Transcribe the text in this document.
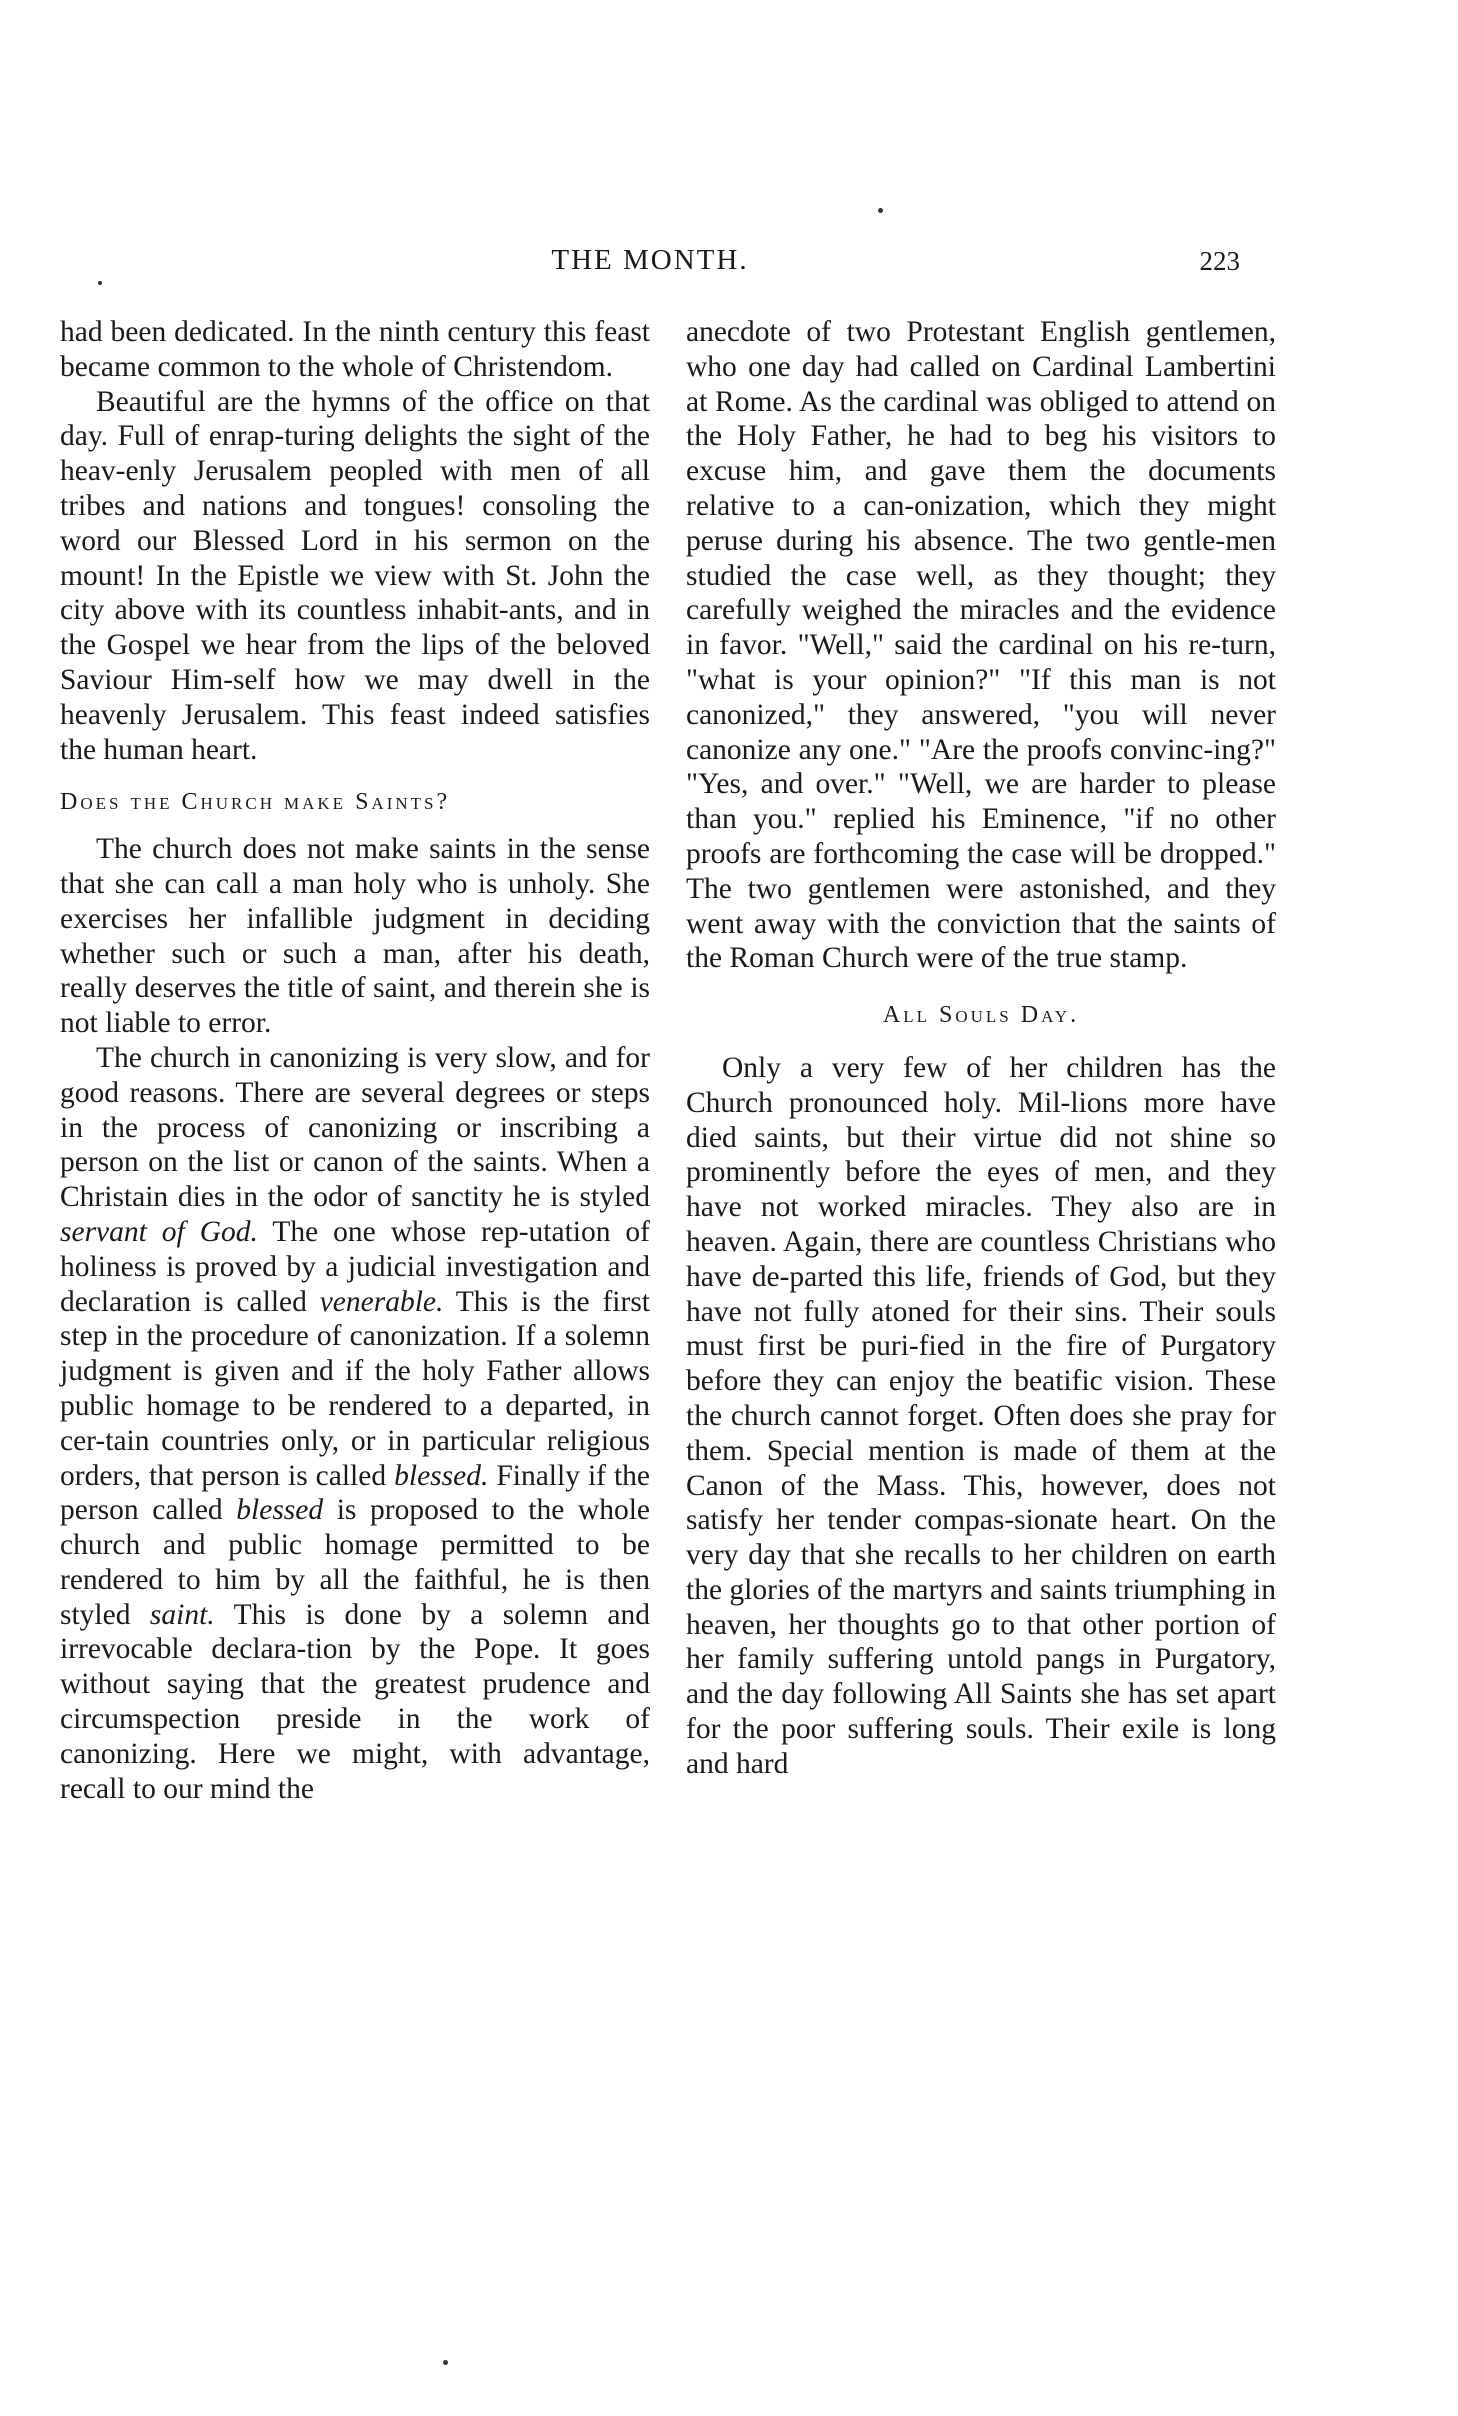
THE MONTH.	223

had been dedicated. In the ninth century this feast became common to the whole of Christendom.

Beautiful are the hymns of the office on that day. Full of enrap-turing delights the sight of the heav-enly Jerusalem peopled with men of all tribes and nations and tongues! consoling the word our Blessed Lord in his sermon on the mount! In the Epistle we view with St. John the city above with its countless inhabit-ants, and in the Gospel we hear from the lips of the beloved Saviour Him-self how we may dwell in the heavenly Jerusalem. This feast indeed satisfies the human heart.

Does the Church make Saints?

The church does not make saints in the sense that she can call a man holy who is unholy. She exercises her infallible judgment in deciding whether such or such a man, after his death, really deserves the title of saint, and therein she is not liable to error.

The church in canonizing is very slow, and for good reasons. There are several degrees or steps in the process of canonizing or inscribing a person on the list or canon of the saints. When a Christain dies in the odor of sanctity he is styled servant of God. The one whose rep-utation of holiness is proved by a judicial investigation and declaration is called venerable. This is the first step in the procedure of canonization. If a solemn judgment is given and if the holy Father allows public homage to be rendered to a departed, in cer-tain countries only, or in particular religious orders, that person is called blessed. Finally if the person called blessed is proposed to the whole church and public homage permitted to be rendered to him by all the faithful, he is then styled saint. This is done by a solemn and irrevocable declara-tion by the Pope. It goes without saying that the greatest prudence and circumspection preside in the work of canonizing. Here we might, with advantage, recall to our mind the

anecdote of two Protestant English gentlemen, who one day had called on Cardinal Lambertini at Rome. As the cardinal was obliged to attend on the Holy Father, he had to beg his visitors to excuse him, and gave them the documents relative to a can-onization, which they might peruse during his absence. The two gentle-men studied the case well, as they thought; they carefully weighed the miracles and the evidence in favor. "Well," said the cardinal on his re-turn, "what is your opinion?" "If this man is not canonized," they answered, "you will never canonize any one." "Are the proofs convinc-ing?" "Yes, and over." "Well, we are harder to please than you." replied his Eminence, "if no other proofs are forthcoming the case will be dropped." The two gentlemen were astonished, and they went away with the conviction that the saints of the Roman Church were of the true stamp.

All Souls Day.

Only a very few of her children has the Church pronounced holy. Mil-lions more have died saints, but their virtue did not shine so prominently before the eyes of men, and they have not worked miracles. They also are in heaven. Again, there are countless Christians who have de-parted this life, friends of God, but they have not fully atoned for their sins. Their souls must first be puri-fied in the fire of Purgatory before they can enjoy the beatific vision. These the church cannot forget. Often does she pray for them. Special mention is made of them at the Canon of the Mass. This, however, does not satisfy her tender compas-sionate heart. On the very day that she recalls to her children on earth the glories of the martyrs and saints triumphing in heaven, her thoughts go to that other portion of her family suffering untold pangs in Purgatory, and the day following All Saints she has set apart for the poor suffering souls. Their exile is long and hard
